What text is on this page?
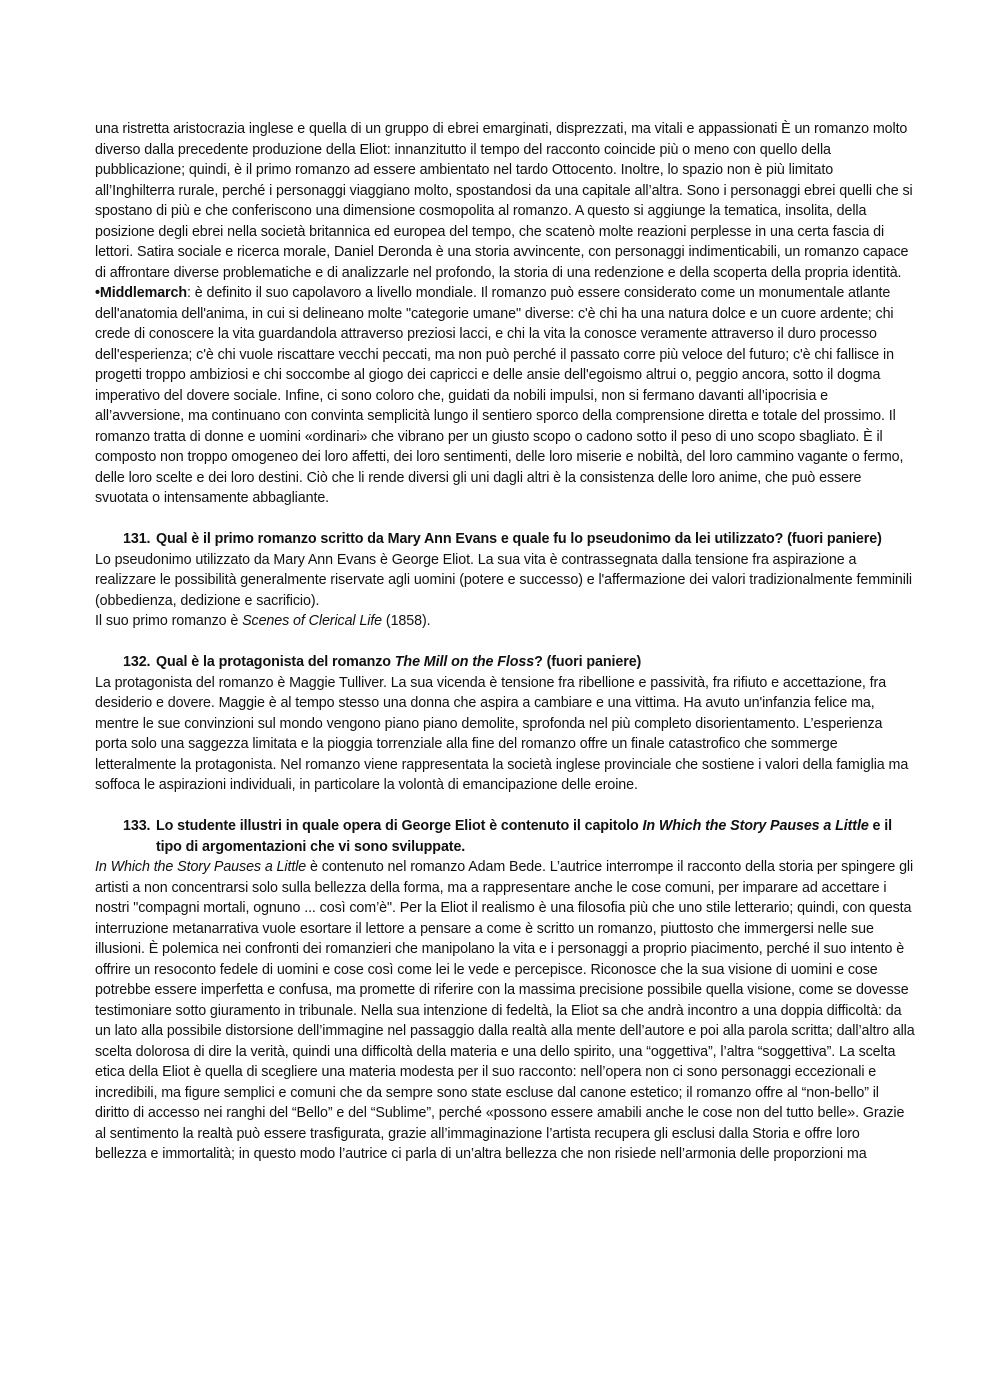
una ristretta aristocrazia inglese e quella di un gruppo di ebrei emarginati, disprezzati, ma vitali e appassionati È un romanzo molto diverso dalla precedente produzione della Eliot: innanzitutto il tempo del racconto coincide più o meno con quello della pubblicazione; quindi, è il primo romanzo ad essere ambientato nel tardo Ottocento. Inoltre, lo spazio non è più limitato all’Inghilterra rurale, perché i personaggi viaggiano molto, spostandosi da una capitale all’altra. Sono i personaggi ebrei quelli che si spostano di più e che conferiscono una dimensione cosmopolita al romanzo. A questo si aggiunge la tematica, insolita, della posizione degli ebrei nella società britannica ed europea del tempo, che scatenò molte reazioni perplesse in una certa fascia di lettori. Satira sociale e ricerca morale, Daniel Deronda è una storia avvincente, con personaggi indimenticabili, un romanzo capace di affrontare diverse problematiche e di analizzarle nel profondo, la storia di una redenzione e della scoperta della propria identità.

•Middlemarch: è definito il suo capolavoro a livello mondiale. Il romanzo può essere considerato come un monumentale atlante dell'anatomia dell'anima, in cui si delineano molte "categorie umane" diverse: c'è chi ha una natura dolce e un cuore ardente; chi crede di conoscere la vita guardandola attraverso preziosi lacci, e chi la vita la conosce veramente attraverso il duro processo dell'esperienza; c'è chi vuole riscattare vecchi peccati, ma non può perché il passato corre più veloce del futuro; c'è chi fallisce in progetti troppo ambiziosi e chi soccombe al giogo dei capricci e delle ansie dell'egoismo altrui o, peggio ancora, sotto il dogma imperativo del dovere sociale. Infine, ci sono coloro che, guidati da nobili impulsi, non si fermano davanti all’ipocrisia e all’avversione, ma continuano con convinta semplicità lungo il sentiero sporco della comprensione diretta e totale del prossimo. Il romanzo tratta di donne e uomini «ordinari» che vibrano per un giusto scopo o cadono sotto il peso di uno scopo sbagliato. È il composto non troppo omogeneo dei loro affetti, dei loro sentimenti, delle loro miserie e nobiltà, del loro cammino vagante o fermo, delle loro scelte e dei loro destini. Ciò che li rende diversi gli uni dagli altri è la consistenza delle loro anime, che può essere svuotata o intensamente abbagliante.

131. Qual è il primo romanzo scritto da Mary Ann Evans e quale fu lo pseudonimo da lei utilizzato? (fuori paniere)

Lo pseudonimo utilizzato da Mary Ann Evans è George Eliot. La sua vita è contrassegnata dalla tensione fra aspirazione a realizzare le possibilità generalmente riservate agli uomini (potere e successo) e l'affermazione dei valori tradizionalmente femminili (obbedienza, dedizione e sacrificio).

Il suo primo romanzo è Scenes of Clerical Life (1858).

132. Qual è la protagonista del romanzo The Mill on the Floss? (fuori paniere)

La protagonista del romanzo è Maggie Tulliver. La sua vicenda è tensione fra ribellione e passività, fra rifiuto e accettazione, fra desiderio e dovere. Maggie è al tempo stesso una donna che aspira a cambiare e una vittima. Ha avuto un'infanzia felice ma, mentre le sue convinzioni sul mondo vengono piano piano demolite, sprofonda nel più completo disorientamento. L’esperienza porta solo una saggezza limitata e la pioggia torrenziale alla fine del romanzo offre un finale catastrofico che sommerge letteralmente la protagonista. Nel romanzo viene rappresentata la società inglese provinciale che sostiene i valori della famiglia ma soffoca le aspirazioni individuali, in particolare la volontà di emancipazione delle eroine.

133. Lo studente illustri in quale opera di George Eliot è contenuto il capitolo In Which the Story Pauses a Little e il tipo di argomentazioni che vi sono sviluppate.

In Which the Story Pauses a Little è contenuto nel romanzo Adam Bede. L’autrice interrompe il racconto della storia per spingere gli artisti a non concentrarsi solo sulla bellezza della forma, ma a rappresentare anche le cose comuni, per imparare ad accettare i nostri "compagni mortali, ognuno ... così com’è". Per la Eliot il realismo è una filosofia più che uno stile letterario; quindi, con questa interruzione metanarrativa vuole esortare il lettore a pensare a come è scritto un romanzo, piuttosto che immergersi nelle sue illusioni. È polemica nei confronti dei romanzieri che manipolano la vita e i personaggi a proprio piacimento, perché il suo intento è offrire un resoconto fedele di uomini e cose così come lei le vede e percepisce. Riconosce che la sua visione di uomini e cose potrebbe essere imperfetta e confusa, ma promette di riferire con la massima precisione possibile quella visione, come se dovesse testimoniare sotto giuramento in tribunale. Nella sua intenzione di fedeltà, la Eliot sa che andrà incontro a una doppia difficoltà: da un lato alla possibile distorsione dell’immagine nel passaggio dalla realtà alla mente dell’autore e poi alla parola scritta; dall’altro alla scelta dolorosa di dire la verità, quindi una difficoltà della materia e una dello spirito, una “oggettiva”, l’altra “soggettiva”. La scelta etica della Eliot è quella di scegliere una materia modesta per il suo racconto: nell’opera non ci sono personaggi eccezionali e incredibili, ma figure semplici e comuni che da sempre sono state escluse dal canone estetico; il romanzo offre al “non-bello” il diritto di accesso nei ranghi del “Bello” e del “Sublime”, perché «possono essere amabili anche le cose non del tutto belle». Grazie al sentimento la realtà può essere trasfigurata, grazie all’immaginazione l’artista recupera gli esclusi dalla Storia e offre loro bellezza e immortalità; in questo modo l’autrice ci parla di un’altra bellezza che non risiede nell’armonia delle proporzioni ma
